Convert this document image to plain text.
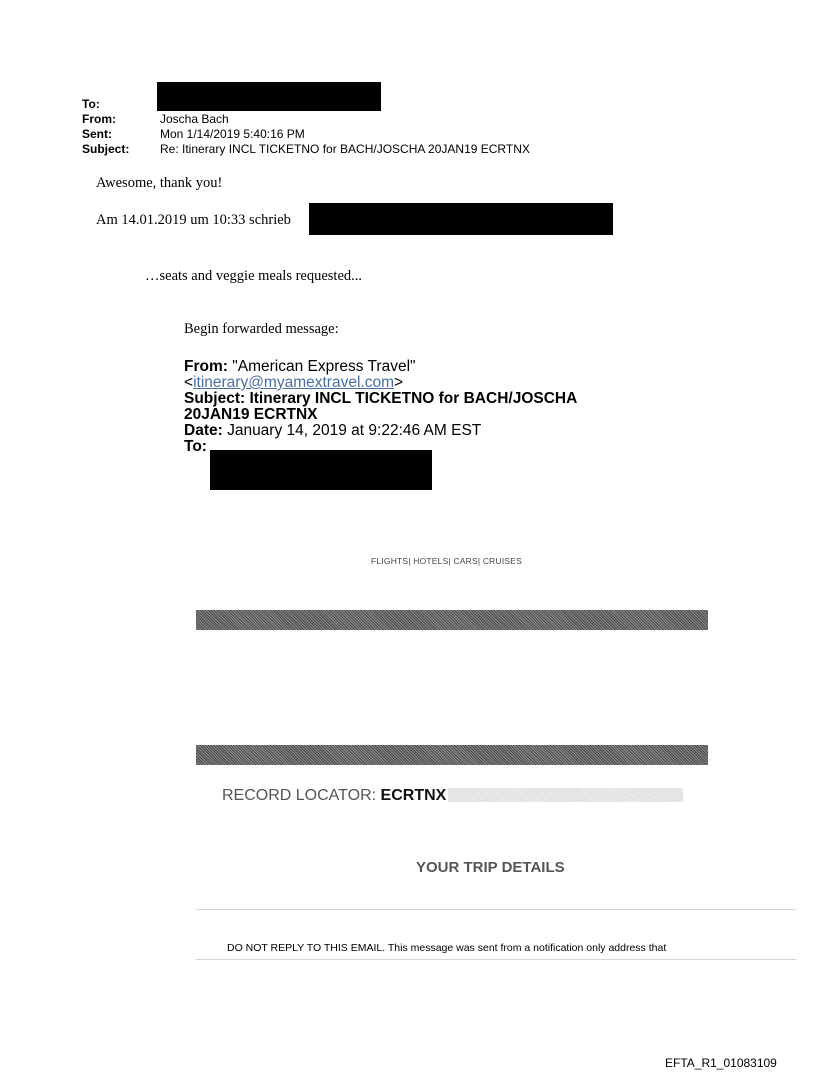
To:
From:	Joscha Bach
Sent:	Mon 1/14/2019 5:40:16 PM
Subject:	Re: Itinerary INCL TICKETNO for BACH/JOSCHA 20JAN19 ECRTNX
Awesome, thank you!
Am 14.01.2019 um 10:33 schrieb
…seats and veggie meals requested...
Begin forwarded message:
From: "American Express Travel"
<itinerary@myamextravel.com>
Subject: Itinerary INCL TICKETNO for BACH/JOSCHA
20JAN19 ECRTNX
Date: January 14, 2019 at 9:22:46 AM EST
To:
FLIGHTS| HOTELS| CARS| CRUISES
RECORD LOCATOR: ECRTNX
YOUR TRIP DETAILS
DO NOT REPLY TO THIS EMAIL. This message was sent from a notification only address that
EFTA_R1_01083109
